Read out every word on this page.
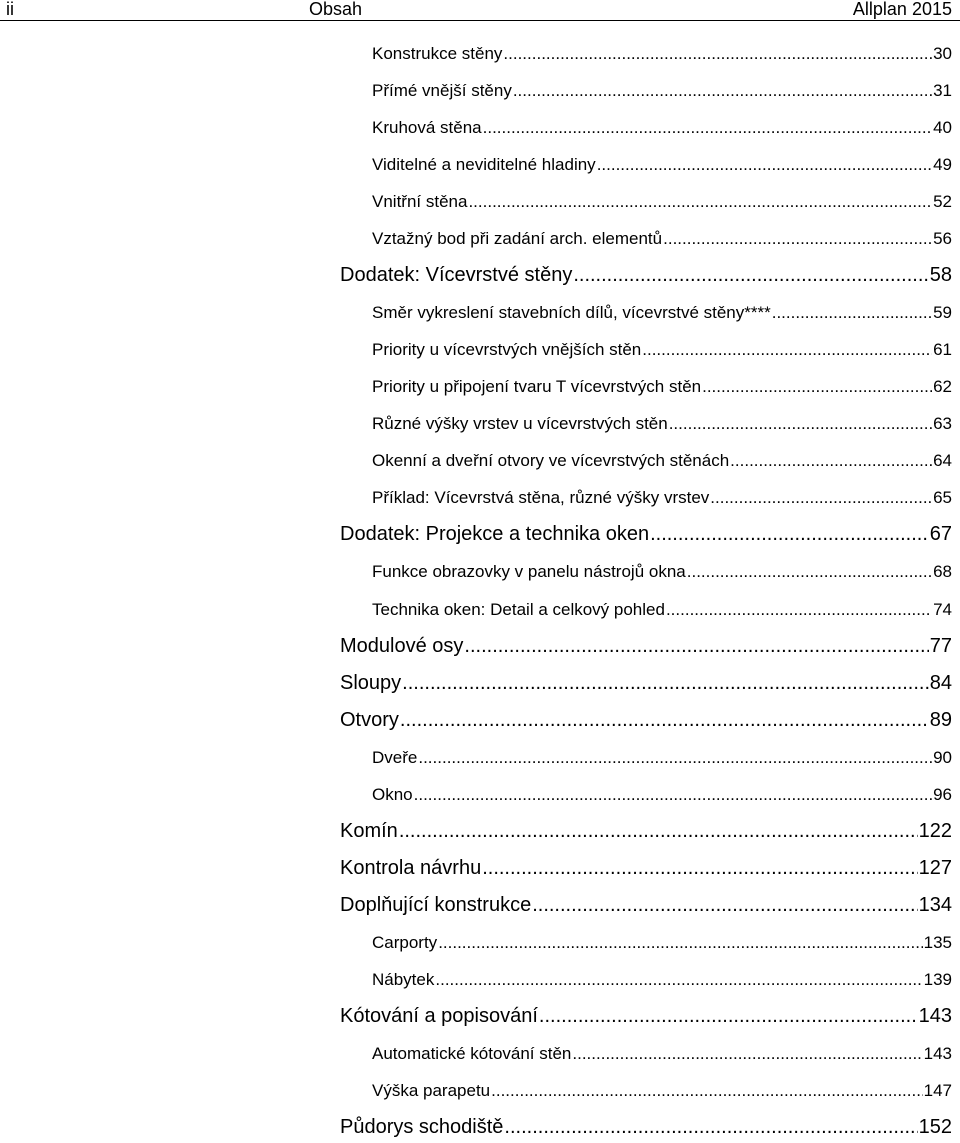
ii	Obsah	Allplan 2015
Konstrukce stěny .....	30
Přímé vnější stěny .....	31
Kruhová stěna .....	40
Viditelné a neviditelné hladiny .....	49
Vnitřní stěna .....	52
Vztažný bod při zadání arch. elementů .....	56
Dodatek: Vícevrstvé stěny .....	58
Směr vykreslení stavebních dílů, vícevrstvé stěny**** .....	59
Priority u vícevrstvých vnějších stěn .....	61
Priority u připojení tvaru T vícevrstvých stěn .....	62
Různé výšky vrstev u vícevrstvých stěn .....	63
Okenní a dveřní otvory ve vícevrstvých stěnách .....	64
Příklad: Vícevrstvá stěna, různé výšky vrstev .....	65
Dodatek: Projekce a technika oken .....	67
Funkce obrazovky v panelu nástrojů okna .....	68
Technika oken: Detail a celkový pohled .....	74
Modulové osy .....	77
Sloupy .....	84
Otvory .....	89
Dveře .....	90
Okno .....	96
Komín .....	122
Kontrola návrhu .....	127
Doplňující konstrukce .....	134
Carporty .....	135
Nábytek .....	139
Kótování a popisování .....	143
Automatické kótování stěn .....	143
Výška parapetu .....	147
Půdorys schodiště .....	152
